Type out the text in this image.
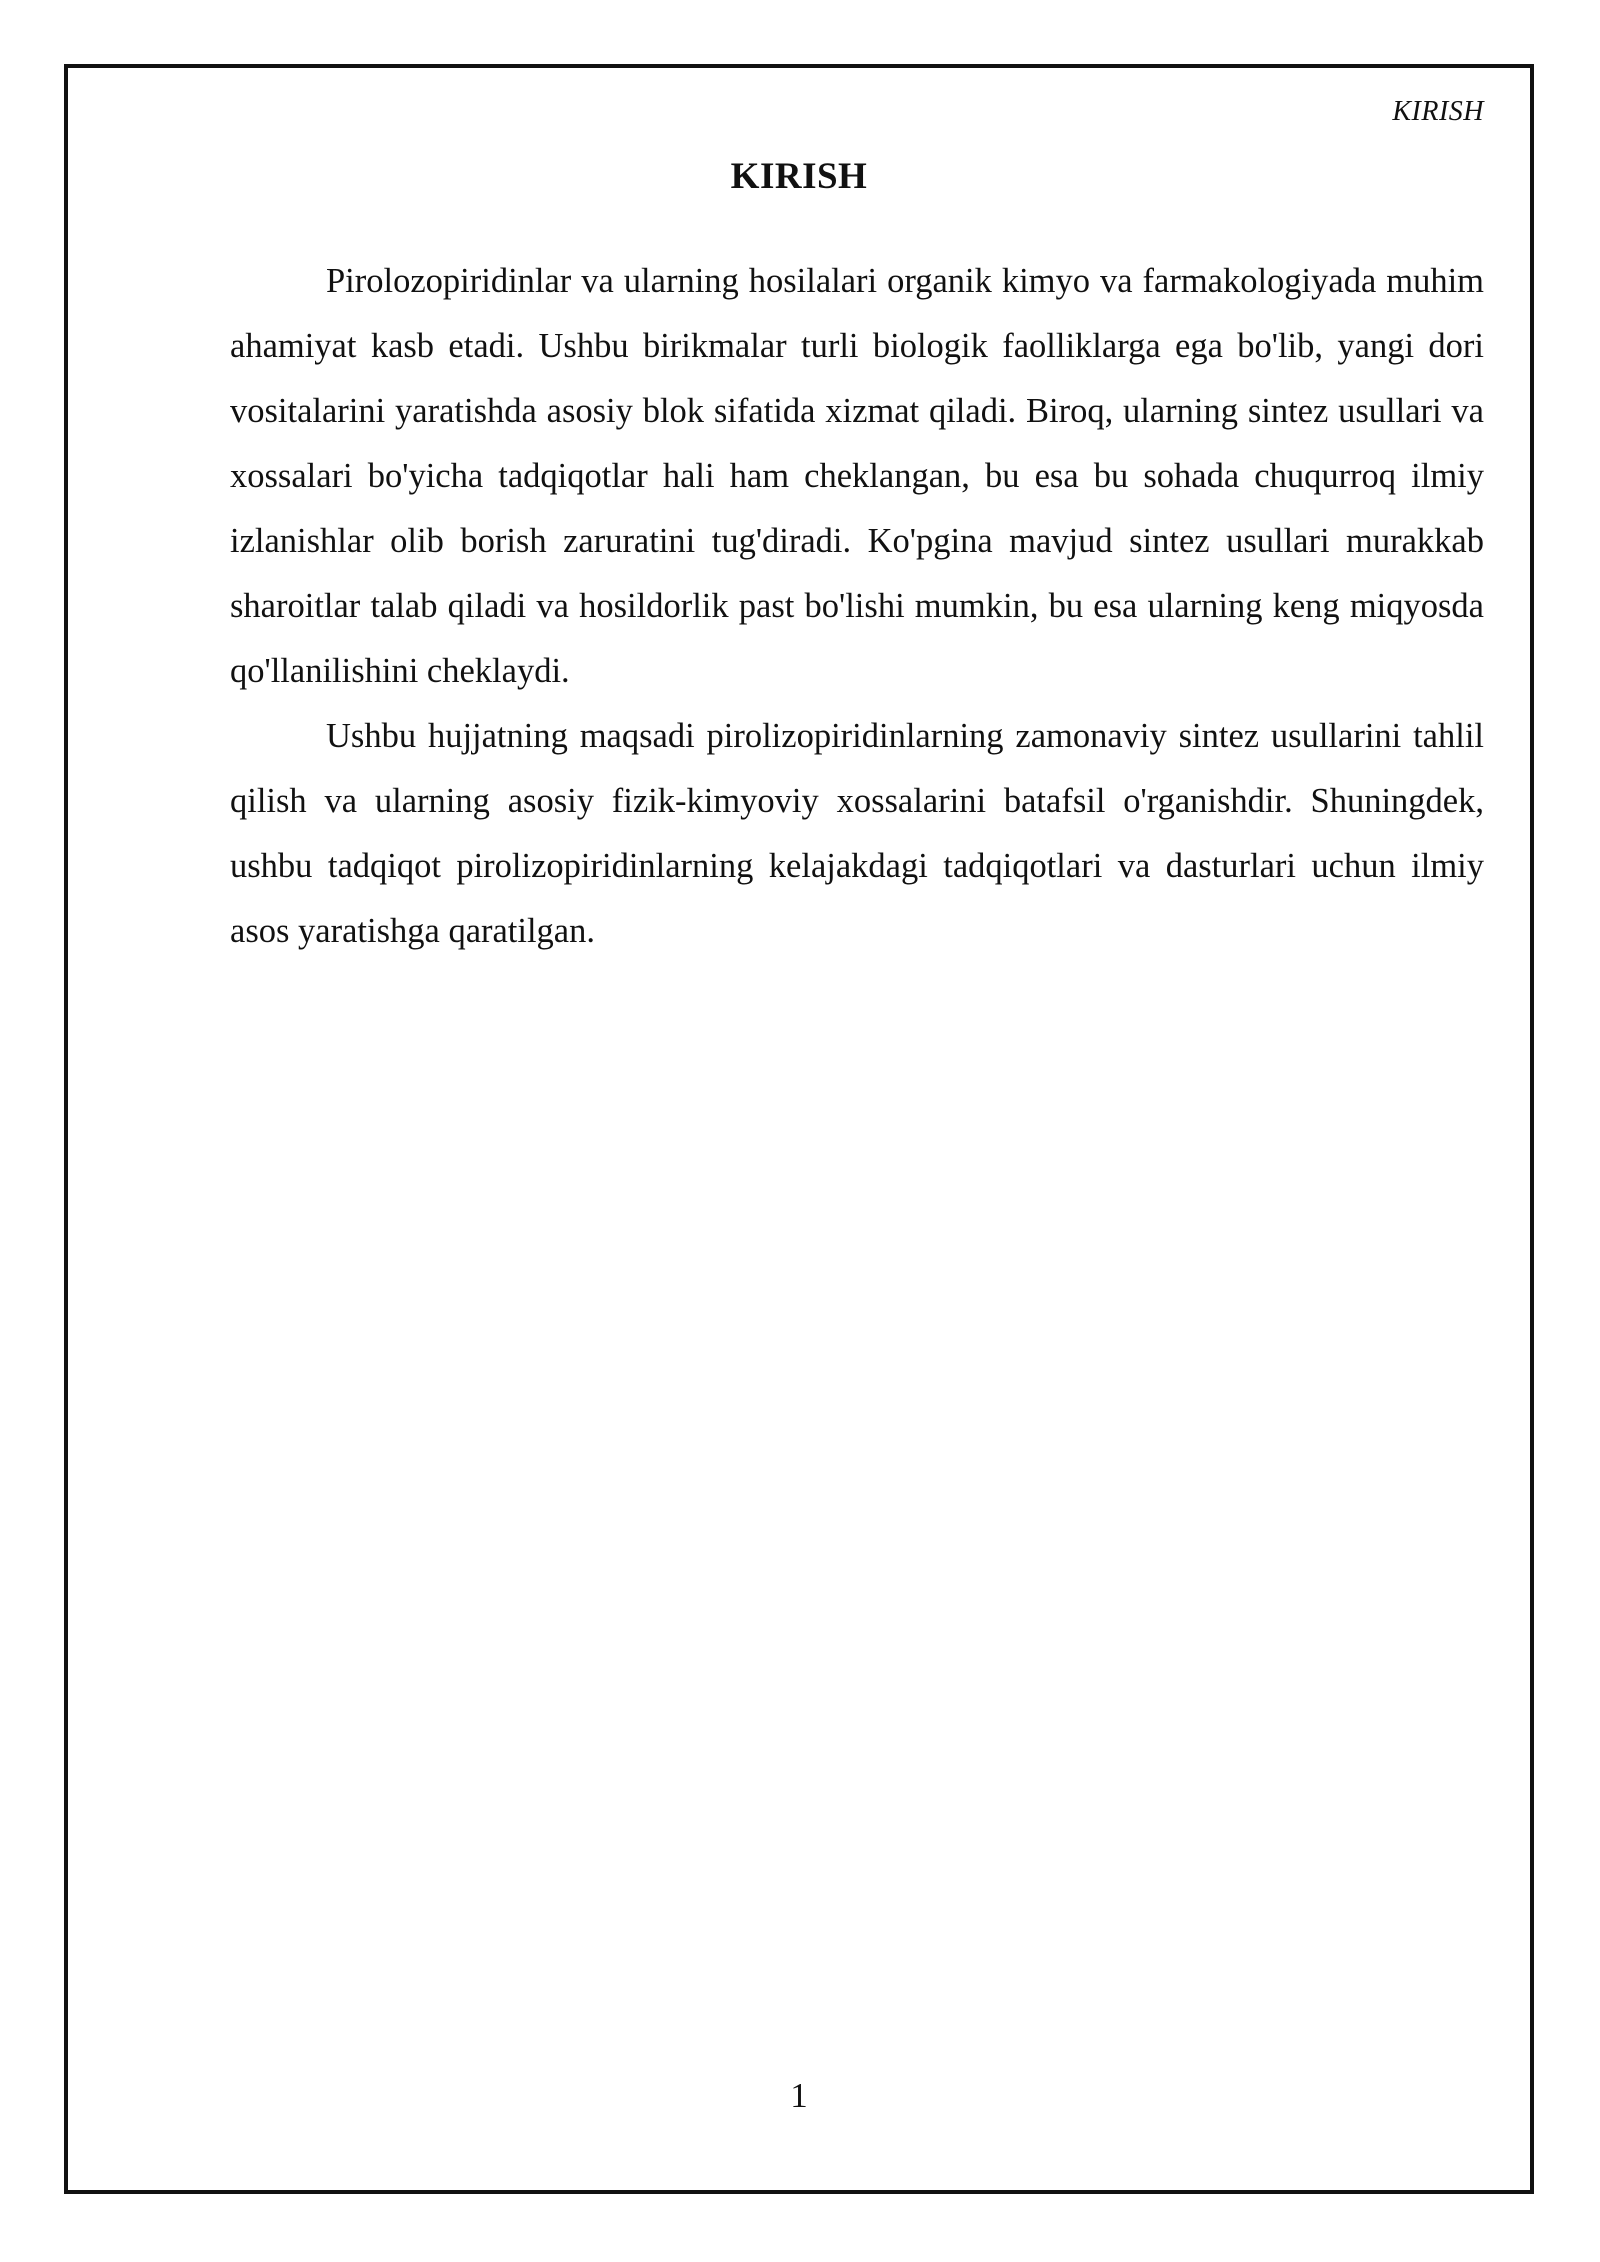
KIRISH
KIRISH

Pirolozopiridinlar va ularning hosilalari organik kimyo va farmakologiyada muhim ahamiyat kasb etadi. Ushbu birikmalar turli biologik faolliklarga ega bo'lib, yangi dori vositalarini yaratishda asosiy blok sifatida xizmat qiladi. Biroq, ularning sintez usullari va xossalari bo'yicha tadqiqotlar hali ham cheklangan, bu esa bu sohada chuqurroq ilmiy izlanishlar olib borish zaruratini tug'diradi. Ko'pgina mavjud sintez usullari murakkab sharoitlar talab qiladi va hosildorlik past bo'lishi mumkin, bu esa ularning keng miqyosda qo'llanilishini cheklaydi.

Ushbu hujjatning maqsadi pirolizopiridinlarning zamonaviy sintez usullarini tahlil qilish va ularning asosiy fizik-kimyoviy xossalarini batafsil o'rganishdir. Shuningdek, ushbu tadqiqot pirolizopiridinlarning kelajakdagi tadqiqotlari va dasturlari uchun ilmiy asos yaratishga qaratilgan.

1
